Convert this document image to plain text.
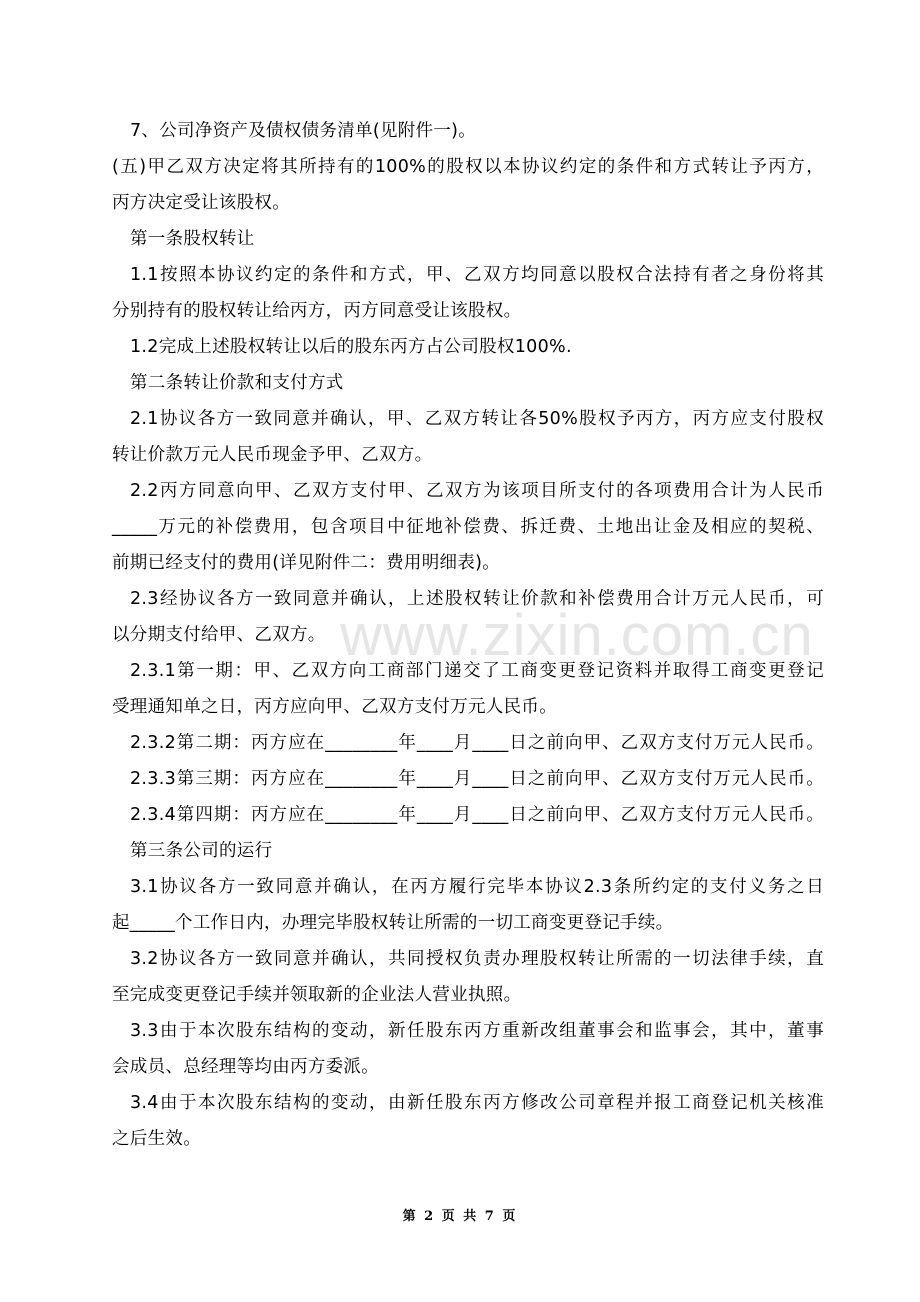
www.zixin.com.cn
7、公司净资产及债权债务清单(见附件一)。
(五)甲乙双方决定将其所持有的100%的股权以本协议约定的条件和方式转让予丙方，
丙方决定受让该股权。
第一条股权转让
1.1按照本协议约定的条件和方式，甲、乙双方均同意以股权合法持有者之身份将其
分别持有的股权转让给丙方，丙方同意受让该股权。
1.2完成上述股权转让以后的股东丙方占公司股权100%.
第二条转让价款和支付方式
2.1协议各方一致同意并确认，甲、乙双方转让各50%股权予丙方，丙方应支付股权
转让价款万元人民币现金予甲、乙双方。
2.2丙方同意向甲、乙双方支付甲、乙双方为该项目所支付的各项费用合计为人民币
_____万元的补偿费用，包含项目中征地补偿费、拆迁费、土地出让金及相应的契税、
前期已经支付的费用(详见附件二：费用明细表)。
2.3经协议各方一致同意并确认，上述股权转让价款和补偿费用合计万元人民币，可
以分期支付给甲、乙双方。
2.3.1第一期：甲、乙双方向工商部门递交了工商变更登记资料并取得工商变更登记
受理通知单之日，丙方应向甲、乙双方支付万元人民币。
2.3.2第二期：丙方应在________年____月____日之前向甲、乙双方支付万元人民币。
2.3.3第三期：丙方应在________年____月____日之前向甲、乙双方支付万元人民币。
2.3.4第四期：丙方应在________年____月____日之前向甲、乙双方支付万元人民币。
第三条公司的运行
3.1协议各方一致同意并确认，在丙方履行完毕本协议2.3条所约定的支付义务之日
起_____个工作日内，办理完毕股权转让所需的一切工商变更登记手续。
3.2协议各方一致同意并确认，共同授权负责办理股权转让所需的一切法律手续，直
至完成变更登记手续并领取新的企业法人营业执照。
3.3由于本次股东结构的变动，新任股东丙方重新改组董事会和监事会，其中，董事
会成员、总经理等均由丙方委派。
3.4由于本次股东结构的变动，由新任股东丙方修改公司章程并报工商登记机关核准
之后生效。
第 2 页 共 7 页
